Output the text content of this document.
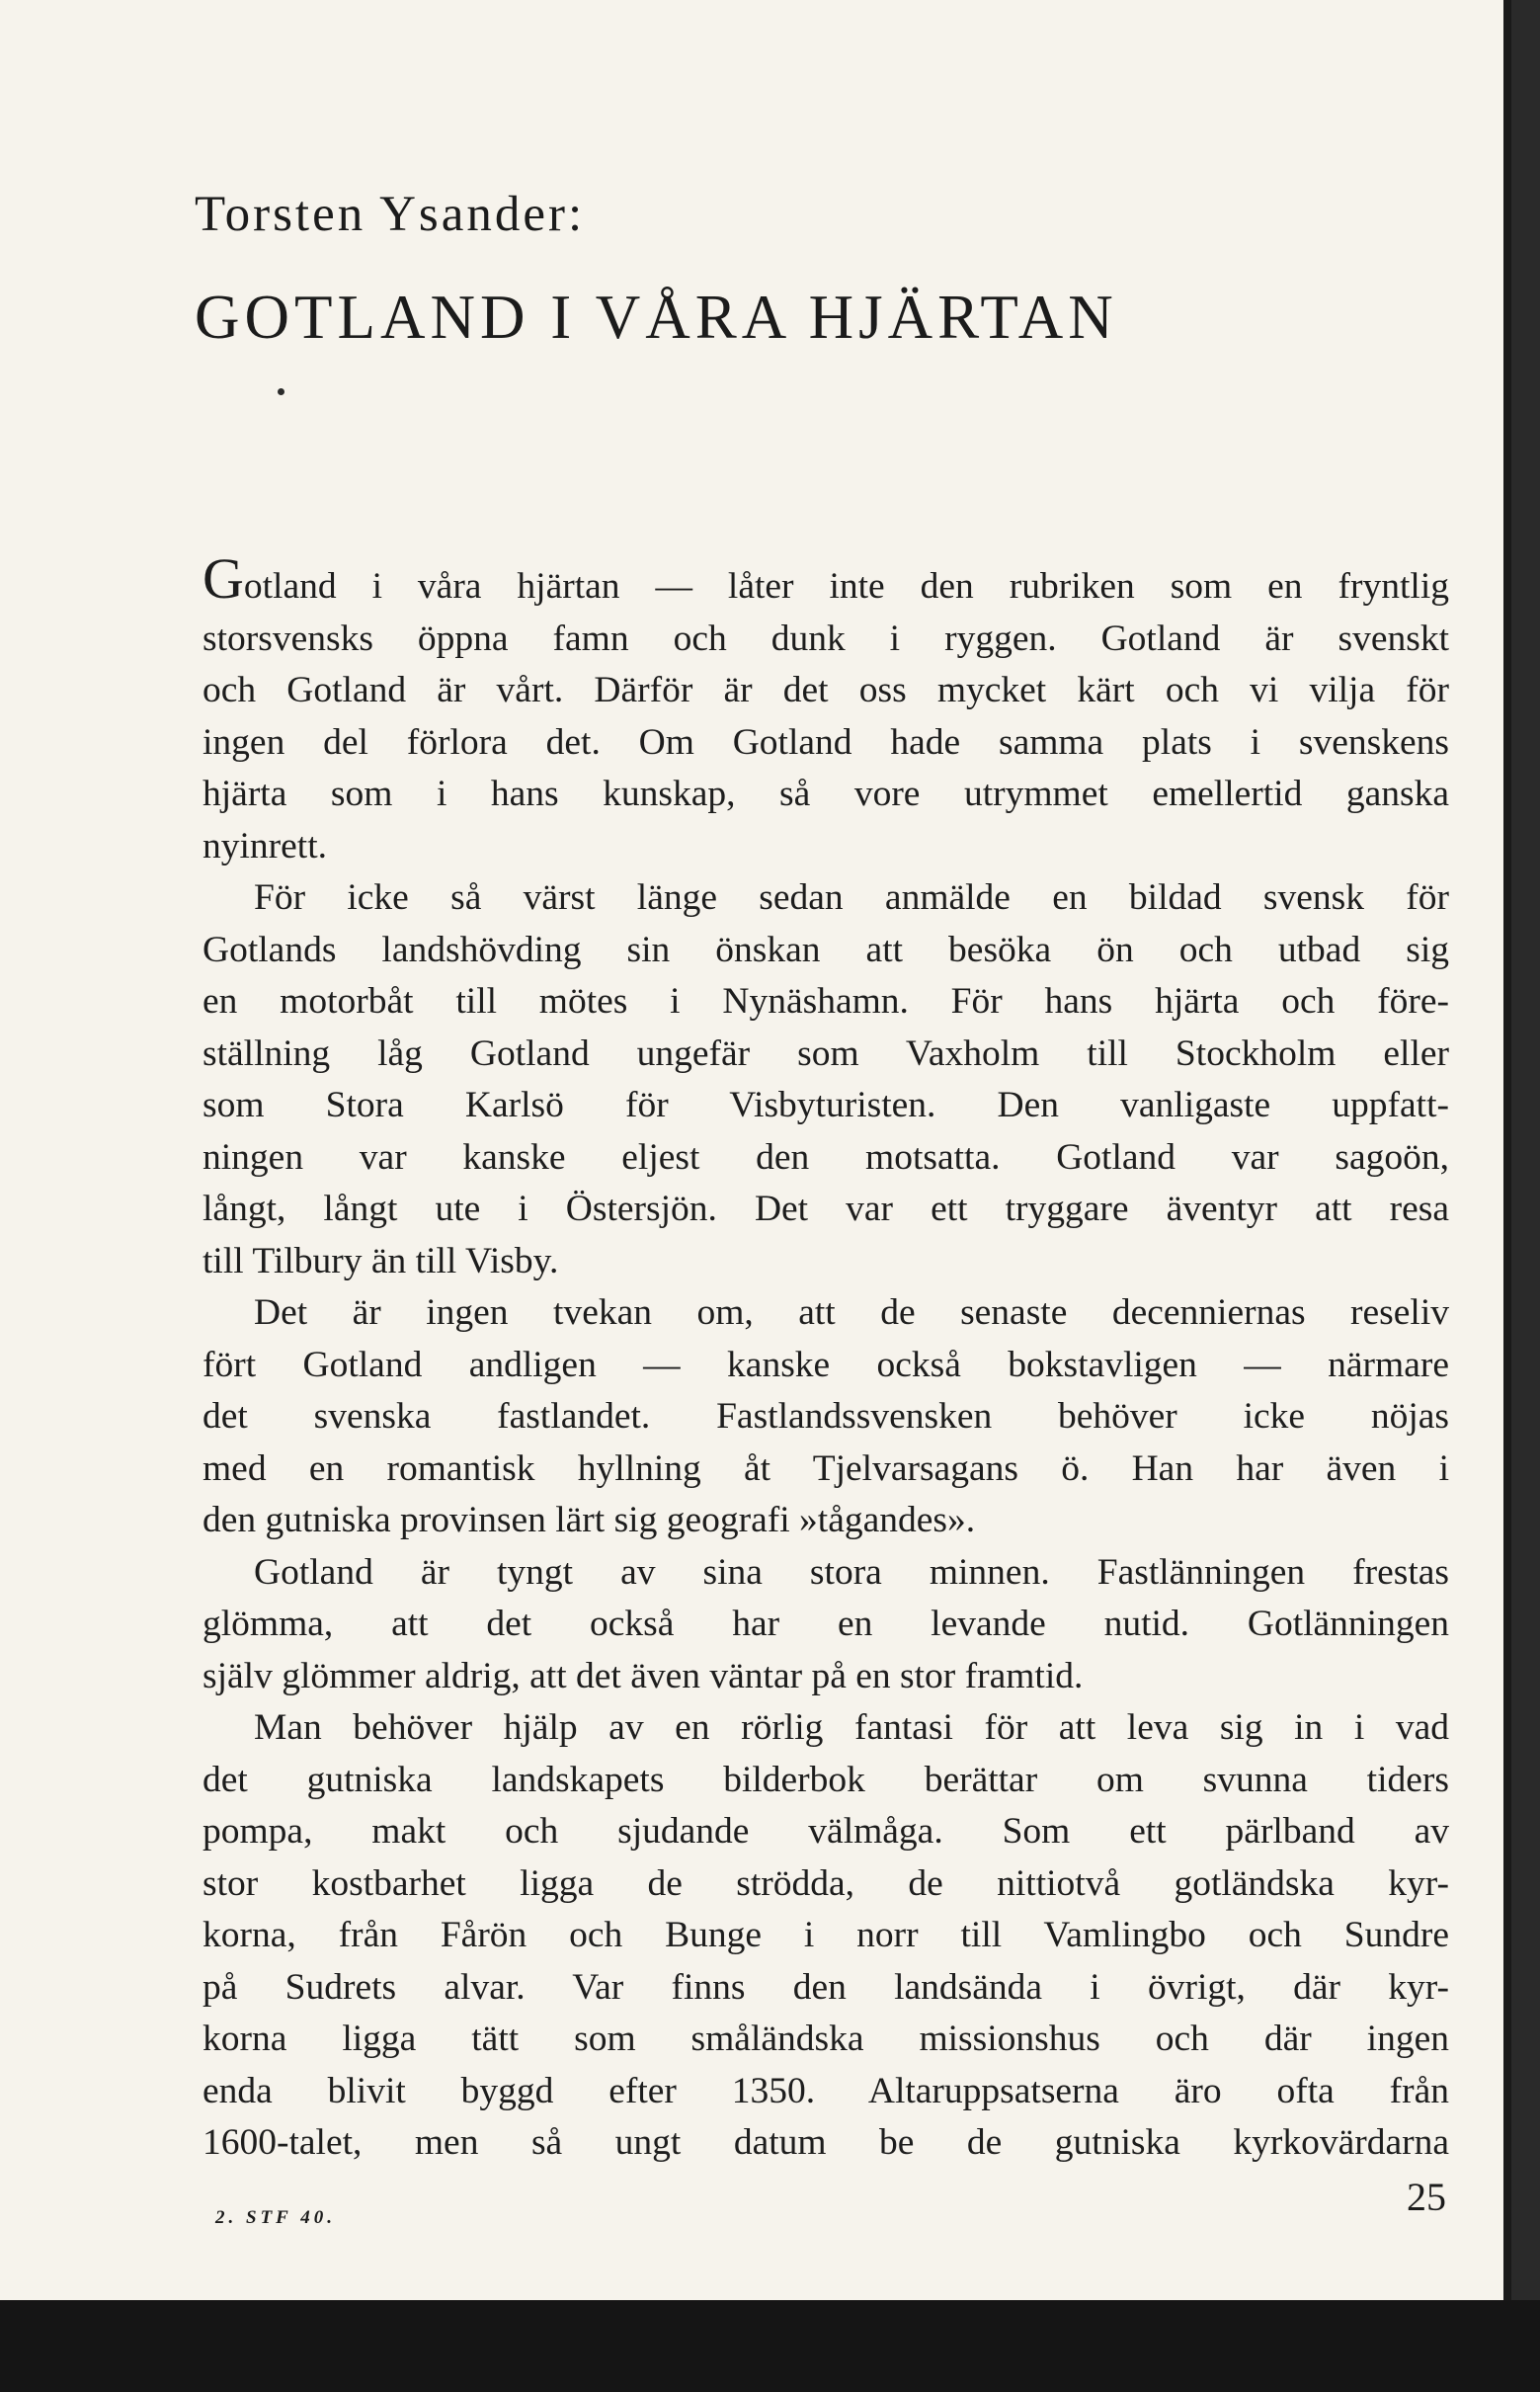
Torsten Ysander:
GOTLAND I VÅRA HJÄRTAN
Gotland i våra hjärtan — låter inte den rubriken som en fryntlig
storsvensks öppna famn och dunk i ryggen. Gotland är svenskt
och Gotland är vårt. Därför är det oss mycket kärt och vi vilja för
ingen del förlora det. Om Gotland hade samma plats i svenskens
hjärta som i hans kunskap, så vore utrymmet emellertid ganska
nyinrett.
För icke så värst länge sedan anmälde en bildad svensk för
Gotlands landshövding sin önskan att besöka ön och utbad sig
en motorbåt till mötes i Nynäshamn. För hans hjärta och före-
ställning låg Gotland ungefär som Vaxholm till Stockholm eller
som Stora Karlsö för Visbyturisten. Den vanligaste uppfatt-
ningen var kanske eljest den motsatta. Gotland var sagoön,
långt, långt ute i Östersjön. Det var ett tryggare äventyr att resa
till Tilbury än till Visby.
Det är ingen tvekan om, att de senaste decenniernas reseliv
fört Gotland andligen — kanske också bokstavligen — närmare
det svenska fastlandet. Fastlandssvensken behöver icke nöjas
med en romantisk hyllning åt Tjelvarsagans ö. Han har även i
den gutniska provinsen lärt sig geografi »tågandes».
Gotland är tyngt av sina stora minnen. Fastlänningen frestas
glömma, att det också har en levande nutid. Gotlänningen
själv glömmer aldrig, att det även väntar på en stor framtid.
Man behöver hjälp av en rörlig fantasi för att leva sig in i vad
det gutniska landskapets bilderbok berättar om svunna tiders
pompa, makt och sjudande välmåga. Som ett pärlband av
stor kostbarhet ligga de strödda, de nittiotvå gotländska kyr-
korna, från Fårön och Bunge i norr till Vamlingbo och Sundre
på Sudrets alvar. Var finns den landsända i övrigt, där kyr-
korna ligga tätt som småländska missionshus och där ingen
enda blivit byggd efter 1350. Altaruppsatserna äro ofta från
1600-talet, men så ungt datum be de gutniska kyrkovärdarna
2. STF 40.	25
